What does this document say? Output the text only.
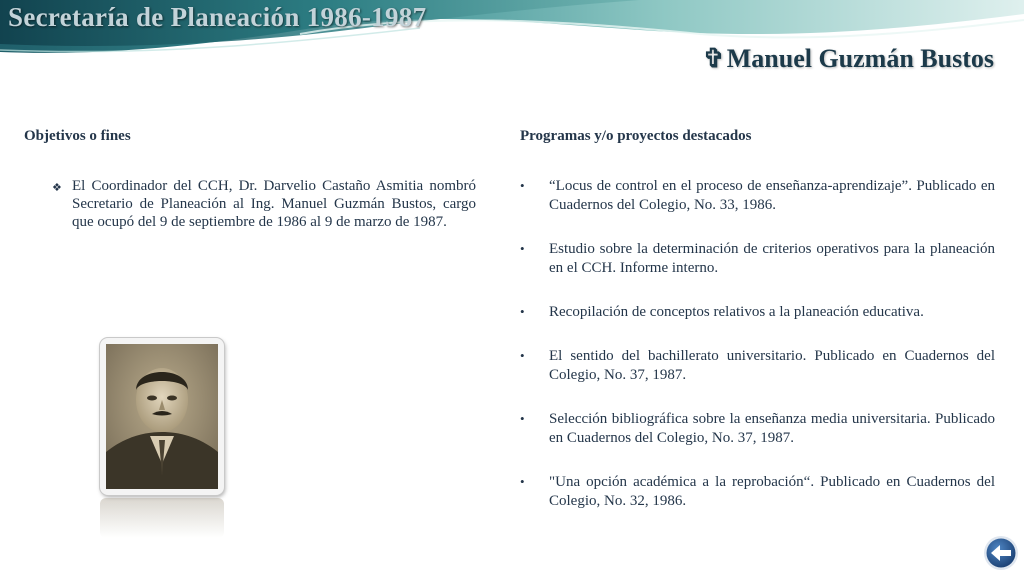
Secretaría de Planeación 1986-1987
✞Manuel Guzmán Bustos
Objetivos o fines
❖ El Coordinador del CCH, Dr. Darvelio Castaño Asmitia nombró Secretario de Planeación al Ing. Manuel Guzmán Bustos, cargo que ocupó del 9 de septiembre de 1986 al 9 de marzo de 1987.
Programas y/o proyectos destacados
•	“Locus de control en el proceso de enseñanza-aprendizaje”. Publicado en Cuadernos del Colegio, No. 33, 1986.
•	Estudio sobre la determinación de criterios operativos para la planeación en el CCH. Informe interno.
•	Recopilación de conceptos relativos a la planeación educativa.
•	El sentido del bachillerato universitario. Publicado en Cuadernos del Colegio, No. 37, 1987.
•	Selección bibliográfica sobre la enseñanza media universitaria. Publicado en Cuadernos del Colegio, No. 37, 1987.
•	"Una opción académica a la reprobación“. Publicado en Cuadernos del Colegio, No. 32, 1986.
